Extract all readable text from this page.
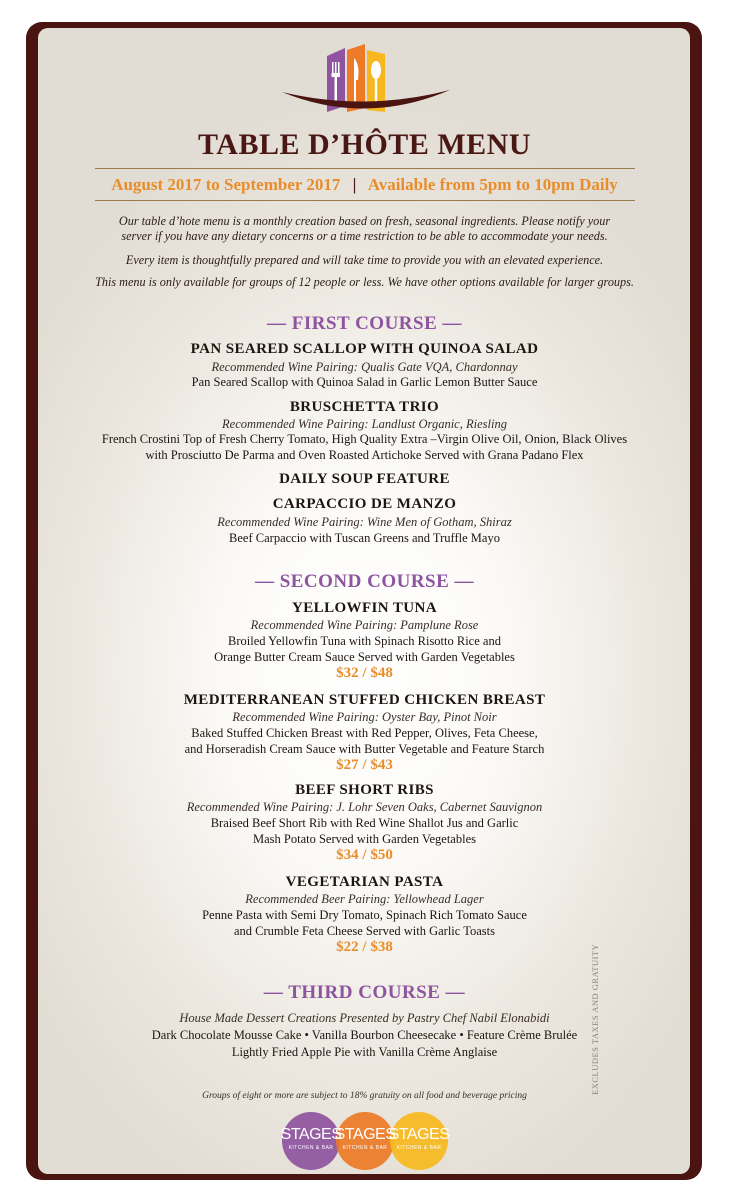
TABLE D’HÔTE MENU
August 2017 to September 2017 | Available from 5pm to 10pm Daily
Our table d’hote menu is a monthly creation based on fresh, seasonal ingredients. Please notify your
server if you have any dietary concerns or a time restriction to be able to accommodate your needs.
Every item is thoughtfully prepared and will take time to provide you with an elevated experience.
This menu is only available for groups of 12 people or less. We have other options available for larger groups.
— FIRST COURSE —
PAN SEARED SCALLOP WITH QUINOA SALAD
Recommended Wine Pairing: Qualis Gate VQA, Chardonnay
Pan Seared Scallop with Quinoa Salad in Garlic Lemon Butter Sauce
BRUSCHETTA TRIO
Recommended Wine Pairing: Landlust Organic, Riesling
French Crostini Top of Fresh Cherry Tomato, High Quality Extra –Virgin Olive Oil, Onion, Black Olives
with Prosciutto De Parma and Oven Roasted Artichoke Served with Grana Padano Flex
DAILY SOUP FEATURE
CARPACCIO DE MANZO
Recommended Wine Pairing: Wine Men of Gotham, Shiraz
Beef Carpaccio with Tuscan Greens and Truffle Mayo
— SECOND COURSE —
YELLOWFIN TUNA
Recommended Wine Pairing: Pamplune Rose
Broiled Yellowfin Tuna with Spinach Risotto Rice and
Orange Butter Cream Sauce Served with Garden Vegetables
$32 / $48
MEDITERRANEAN STUFFED CHICKEN BREAST
Recommended Wine Pairing: Oyster Bay, Pinot Noir
Baked Stuffed Chicken Breast with Red Pepper, Olives, Feta Cheese,
and Horseradish Cream Sauce with Butter Vegetable and Feature Starch
$27 / $43
BEEF SHORT RIBS
Recommended Wine Pairing: J. Lohr Seven Oaks, Cabernet Sauvignon
Braised Beef Short Rib with Red Wine Shallot Jus and Garlic
Mash Potato Served with Garden Vegetables
$34 / $50
VEGETARIAN PASTA
Recommended Beer Pairing: Yellowhead Lager
Penne Pasta with Semi Dry Tomato, Spinach Rich Tomato Sauce
and Crumble Feta Cheese Served with Garlic Toasts
$22 / $38
— THIRD COURSE —
House Made Dessert Creations Presented by Pastry Chef Nabil Elonabidi
Dark Chocolate Mousse Cake • Vanilla Bourbon Cheesecake • Feature Crème Brulée
Lightly Fried Apple Pie with Vanilla Crème Anglaise
Groups of eight or more are subject to 18% gratuity on all food and beverage pricing
EXCLUDES TAXES AND GRATUITY
STAGES
STAGES
STAGES
KITCHEN & BAR	KITCHEN & BAR	KITCHEN & BAR
